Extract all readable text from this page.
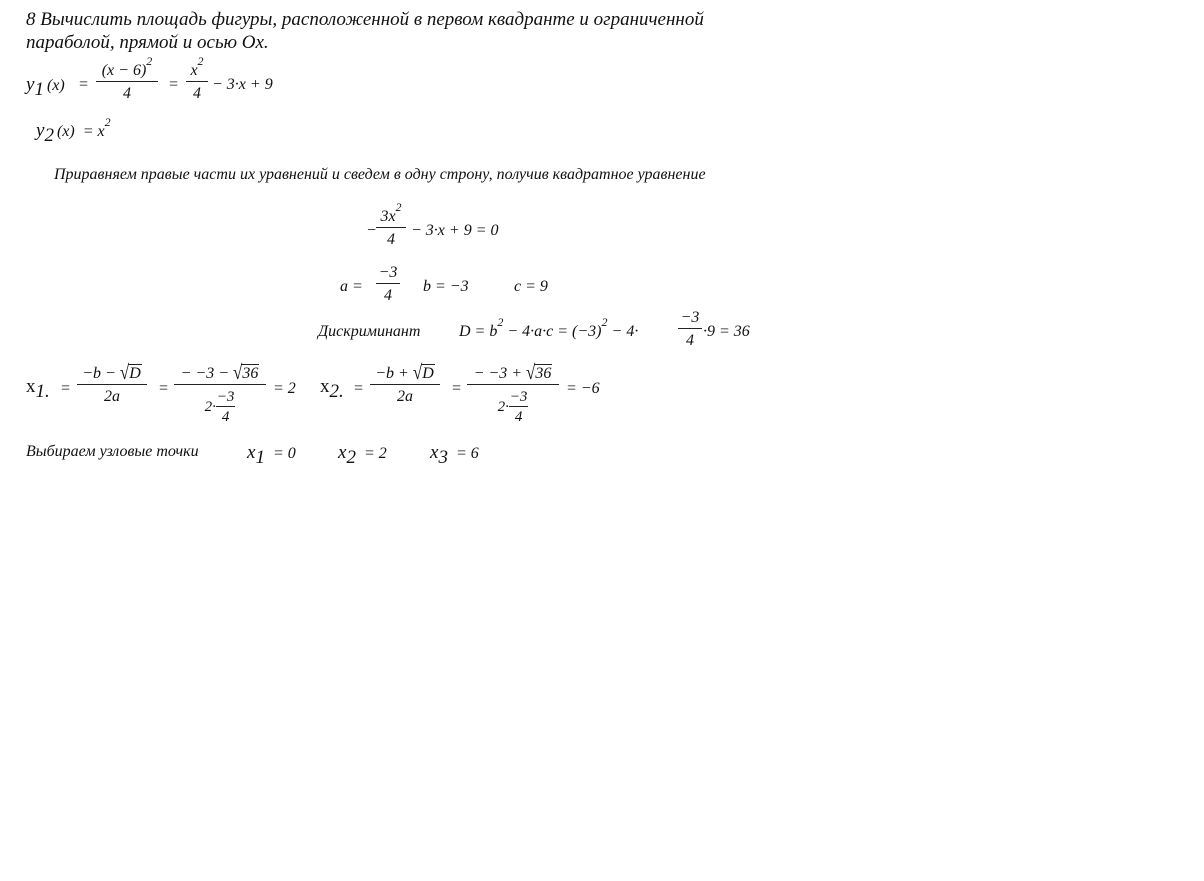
8 Вычислить площадь фигуры, расположенной в первом квадранте и ограниченной
параболой, прямой и осью Ox.
y1 $(x) = \frac{(x - 6)^2}{4} = \frac{x^2}{4} - 3\cdot x + 9$
y2 $(x) = x^2$
Приравняем правые части их уравнений и сведем в одну строну, получив квадратное уравнение
− $\frac{3x^2}{4} - 3\cdot x + 9 = 0$
$a = \frac{-3}{4}$ b = −3	c = 9
Дискриминант $D = b^2 - 4\cdot a\cdot c = (-3)^2 - 4\cdot \frac{-3}{4} \cdot 9 = 36$
x1. = $\frac{-b - √D}{2a} = \frac{- -3 - √36}{2\cdot \frac{-3}{4}} = 2$ x2. = $\frac{-b + √D}{2a} = \frac{- -3 + √36}{2\cdot \frac{-3}{4}} = -6$
Выбираем узловые точки	x1 = 0 x2 = 2 x3 = 6
